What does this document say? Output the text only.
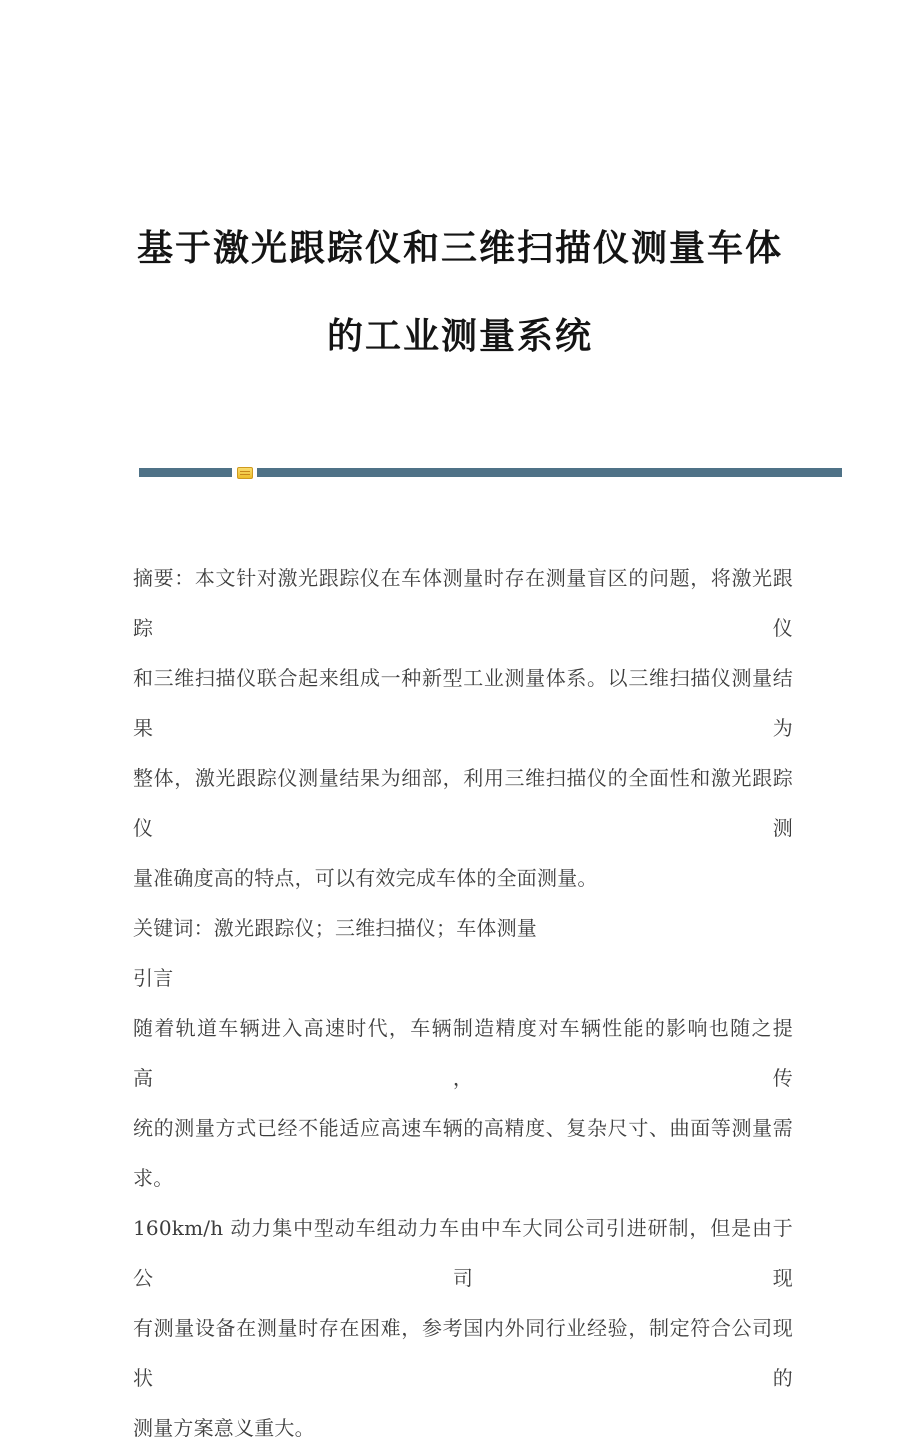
基于激光跟踪仪和三维扫描仪测量车体
的工业测量系统

摘要：本文针对激光跟踪仪在车体测量时存在测量盲区的问题，将激光跟踪仪

和三维扫描仪联合起来组成一种新型工业测量体系。以三维扫描仪测量结果为

整体，激光跟踪仪测量结果为细部，利用三维扫描仪的全面性和激光跟踪仪测

量准确度高的特点，可以有效完成车体的全面测量。

关键词：激光跟踪仪；三维扫描仪；车体测量

引言

随着轨道车辆进入高速时代，车辆制造精度对车辆性能的影响也随之提高，传

统的测量方式已经不能适应高速车辆的高精度、复杂尺寸、曲面等测量需求。

160km/h 动力集中型动车组动力车由中车大同公司引进研制，但是由于公司现

有测量设备在测量时存在困难，参考国内外同行业经验，制定符合公司现状的

测量方案意义重大。
